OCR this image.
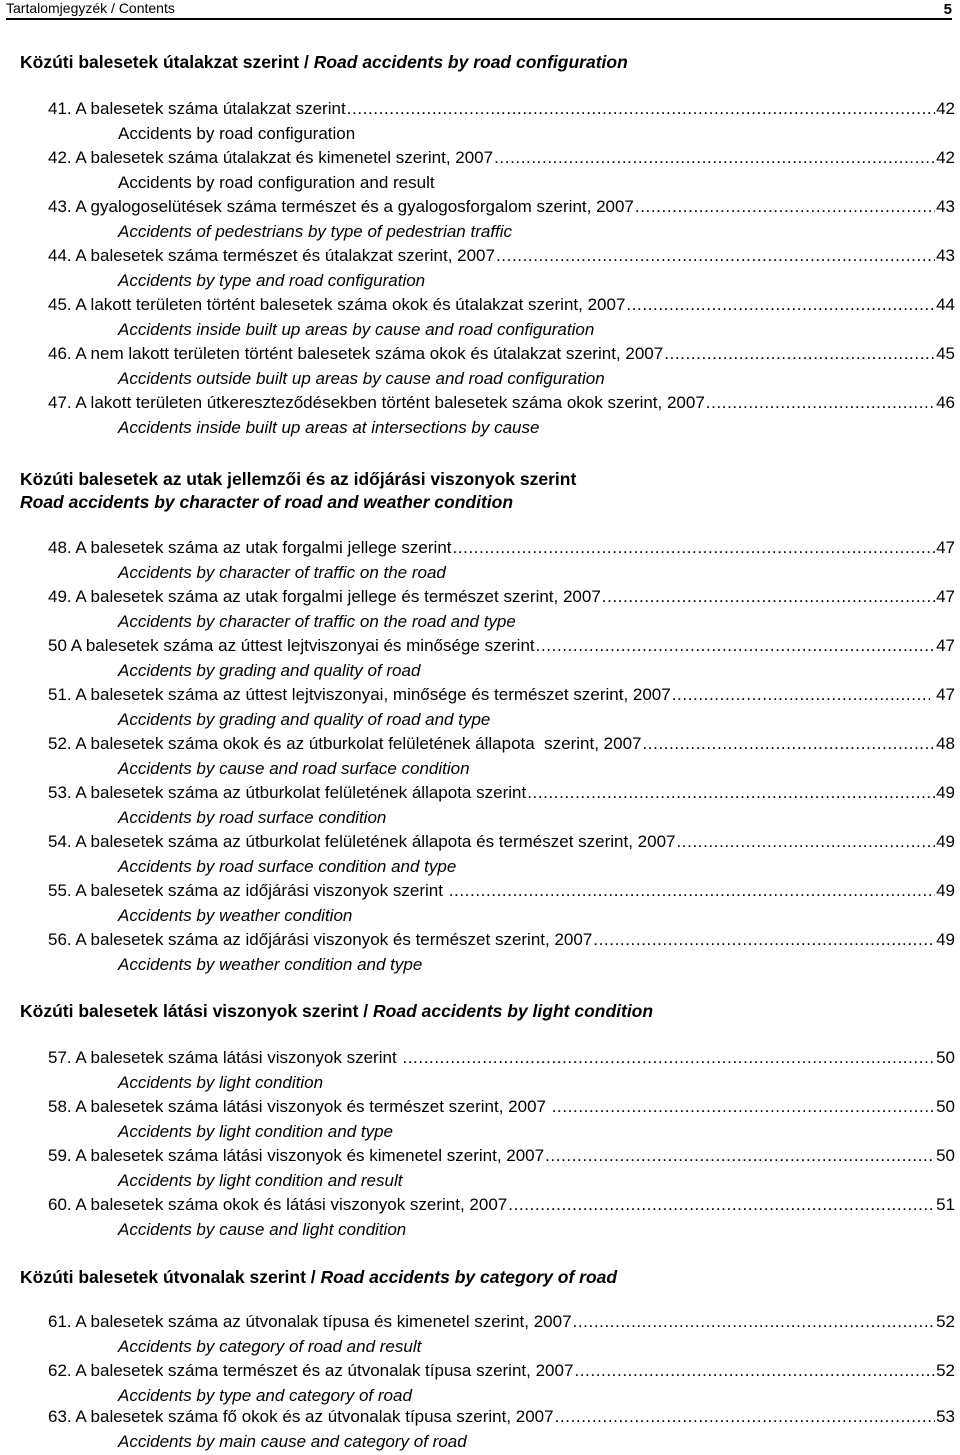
Tartalomjegyzék / Contents	5
Közúti balesetek útalakzat szerint / Road accidents by road configuration
41. A balesetek száma útalakzat szerint .....	42
Accidents by road configuration
42. A balesetek száma útalakzat és kimenetel szerint, 2007 .....	42
Accidents by road configuration and result
43. A gyalogoselütések száma természet és a gyalogosforgalom szerint, 2007 .....	43
Accidents of pedestrians by type of pedestrian traffic
44. A balesetek száma természet és útalakzat szerint, 2007 .....	43
Accidents by type and road configuration
45. A lakott területen történt balesetek száma okok és útalakzat szerint, 2007 .....	44
Accidents inside built up areas by cause and road configuration
46. A nem lakott területen történt balesetek száma okok és útalakzat szerint, 2007 .....	45
Accidents outside built up areas by cause and road configuration
47. A lakott területen útkereszteződésekben történt balesetek száma okok szerint, 2007 .....	46
Accidents inside built up areas at intersections by cause
Közúti balesetek az utak jellemzői és az időjárási viszonyok szerint
Road accidents by character of road and weather condition
48. A balesetek száma az utak forgalmi jellege szerint .....	47
Accidents by character of traffic on the road
49. A balesetek száma az utak forgalmi jellege és természet szerint, 2007 .....	47
Accidents by character of traffic on the road and type
50 A balesetek száma az úttest lejtviszonyai és minősége szerint .....	47
Accidents by grading and quality of road
51. A balesetek száma az úttest lejtviszonyai, minősége és természet szerint, 2007 .....	47
Accidents by grading and quality of road and type
52. A balesetek száma okok és az útburkolat felületének állapota  szerint, 2007 .....	48
Accidents by cause and road surface condition
53. A balesetek száma az útburkolat felületének állapota szerint .....	49
Accidents by road surface condition
54. A balesetek száma az útburkolat felületének állapota és természet szerint, 2007 .....	49
Accidents by road surface condition and type
55. A balesetek száma az időjárási viszonyok szerint .....	49
Accidents by weather condition
56. A balesetek száma az időjárási viszonyok és természet szerint, 2007 .....	49
Accidents by weather condition and type
Közúti balesetek látási viszonyok szerint / Road accidents by light condition
57. A balesetek száma látási viszonyok szerint .....	50
Accidents by light condition
58. A balesetek száma látási viszonyok és természet szerint, 2007 .....	50
Accidents by light condition and type
59. A balesetek száma látási viszonyok és kimenetel szerint, 2007 .....	50
Accidents by light condition and result
60. A balesetek száma okok és látási viszonyok szerint, 2007 .....	51
Accidents by cause and light condition
Közúti balesetek útvonalak szerint / Road accidents by category of road
61. A balesetek száma az útvonalak típusa és kimenetel szerint, 2007 .....	52
Accidents by category of road and result
62. A balesetek száma természet és az útvonalak típusa szerint, 2007 .....	52
Accidents by type and category of road
63. A balesetek száma fő okok és az útvonalak típusa szerint, 2007 .....	53
Accidents by main cause and category of road
